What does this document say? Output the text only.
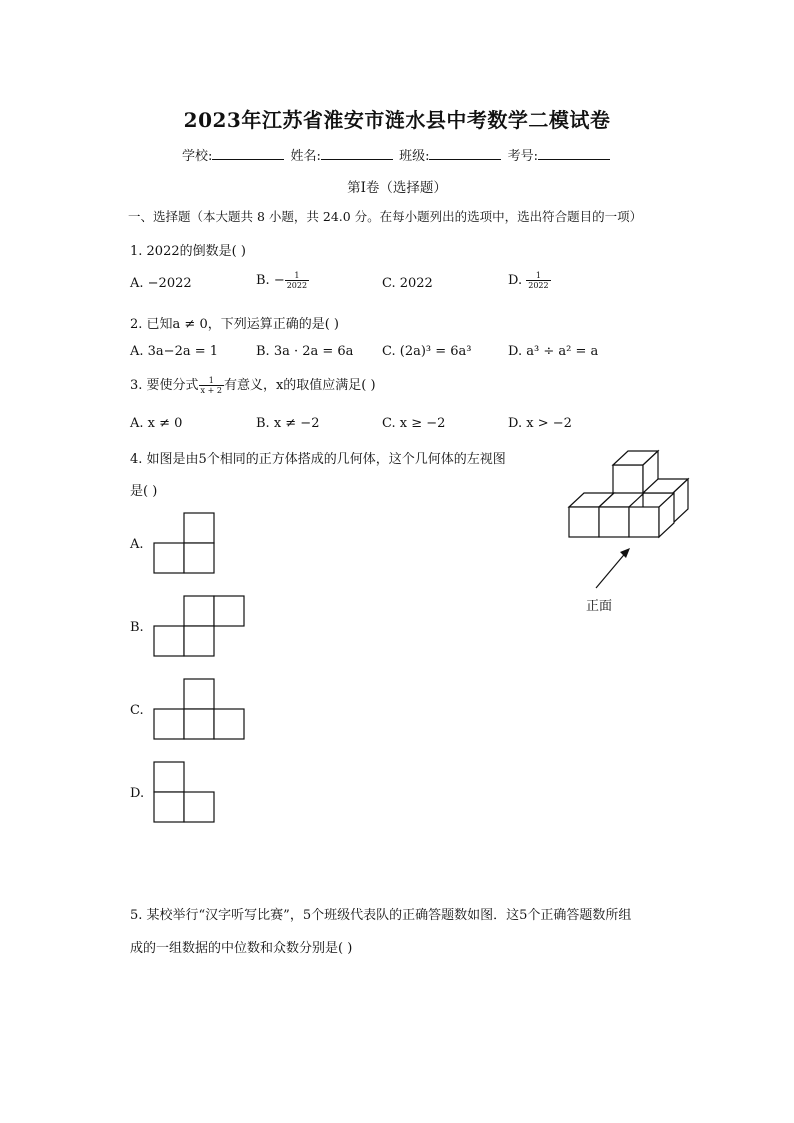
2023年江苏省淮安市涟水县中考数学二模试卷
学校:	姓名:	班级:	考号:
第Ⅰ卷（选择题）
一、选择题（本大题共 8 小题，共 24.0 分。在每小题列出的选项中，选出符合题目的一项）
1. 2022的倒数是( )
A. −2022	B. − $\frac{1}{2022}$	C. 2022	D. $\frac{1}{2022}$
2. 已知a ≠ 0，下列运算正确的是( )
A. 3a−2a = 1	B. 3a · 2a = 6a C. (2a)³ = 6a³	D. a³ ÷ a² = a
3. 要使分式 $\frac{1}{x + 2}$ 有意义，x的取值应满足( )
A. x ≠ 0	B. x ≠ −2	C. x ≥ −2	D. x > −2
4. 如图是由5个相同的正方体搭成的几何体，这个几何体的左视图
是( )
正面
A.
B.
C.
D.
5. 某校举行“汉字听写比赛”，5个班级代表队的正确答题数如图．这5个正确答题数所组
成的一组数据的中位数和众数分别是( )
